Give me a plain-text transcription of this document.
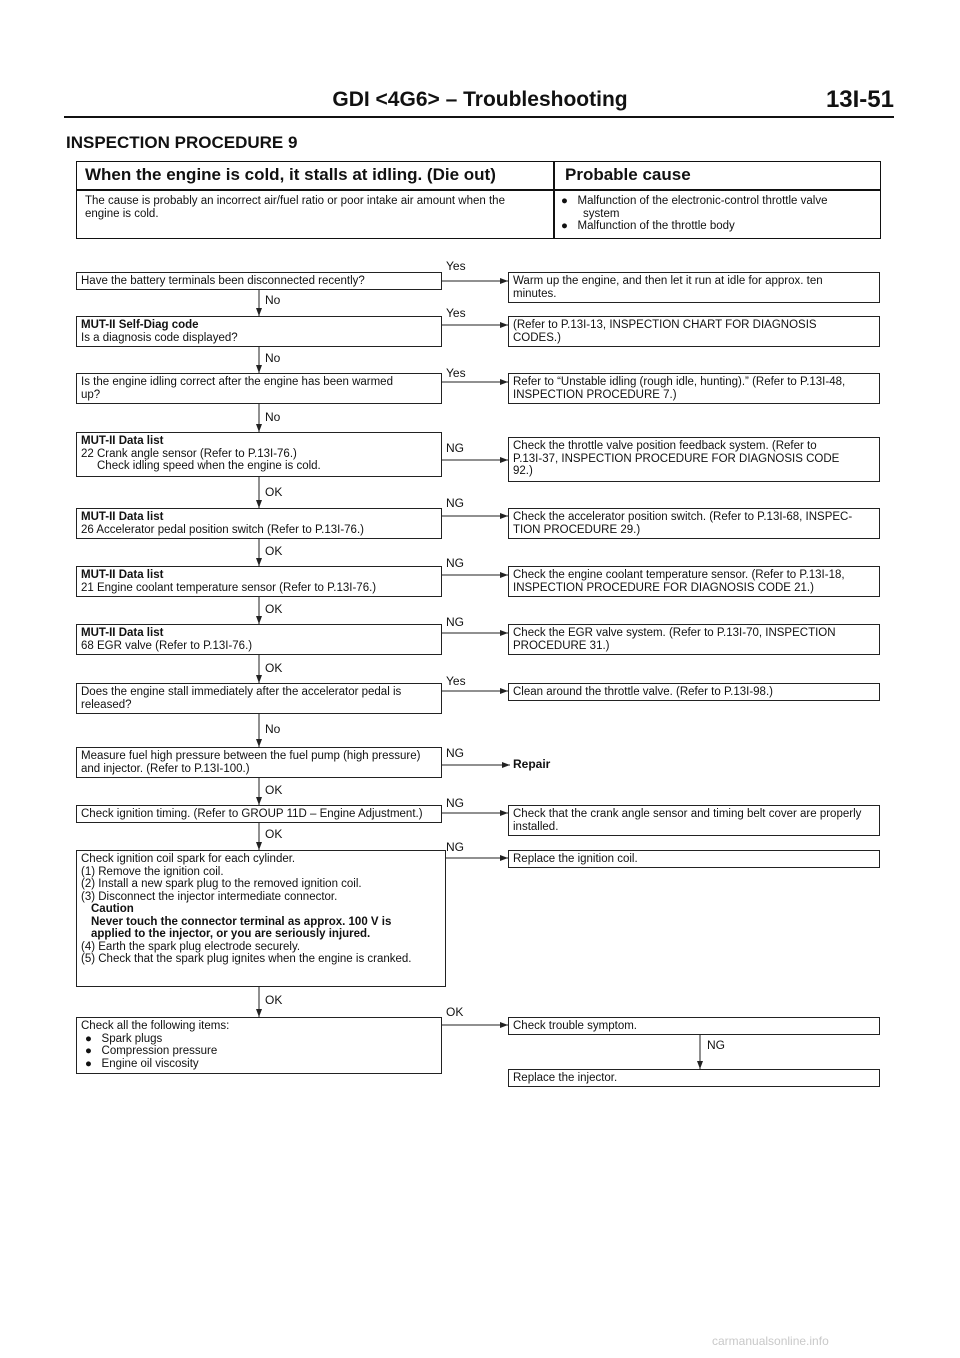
GDI <4G6> – Troubleshooting	13I-51
INSPECTION PROCEDURE 9
When the engine is cold, it stalls at idling. (Die out)	Probable cause
The cause is probably an incorrect air/fuel ratio or poor intake air amount when the
engine is cold.
●   Malfunction of the electronic-control throttle valve
system
●   Malfunction of the throttle body
Have the battery terminals been disconnected recently?
MUT-II Self-Diag code
Is a diagnosis code displayed?
Is the engine idling correct after the engine has been warmed
up?
MUT-II Data list
22 Crank angle sensor (Refer to P.13I-76.)
Check idling speed when the engine is cold.
MUT-II Data list
26 Accelerator pedal position switch (Refer to P.13I-76.)
MUT-II Data list
21 Engine coolant temperature sensor (Refer to P.13I-76.)
MUT-II Data list
68 EGR valve (Refer to P.13I-76.)
Does the engine stall immediately after the accelerator pedal is
released?
Measure fuel high pressure between the fuel pump (high pressure)
and injector. (Refer to P.13I-100.)
Check ignition timing. (Refer to GROUP 11D – Engine Adjustment.)
Check ignition coil spark for each cylinder.
(1) Remove the ignition coil.
(2) Install a new spark plug to the removed ignition coil.
(3) Disconnect the injector intermediate connector.
Caution
Never touch the connector terminal as approx. 100 V is
applied to the injector, or you are seriously injured.
(4) Earth the spark plug electrode securely.
(5) Check that the spark plug ignites when the engine is cranked.
Check all the following items:
●   Spark plugs
●   Compression pressure
●   Engine oil viscosity
Warm up the engine, and then let it run at idle for approx. ten
minutes.
(Refer to P.13I-13, INSPECTION CHART FOR DIAGNOSIS
CODES.)
Refer to “Unstable idling (rough idle, hunting).” (Refer to P.13I-48,
INSPECTION PROCEDURE 7.)
Check the throttle valve position feedback system. (Refer to
P.13I-37, INSPECTION PROCEDURE FOR DIAGNOSIS CODE
92.)
Check the accelerator position switch. (Refer to P.13I-68, INSPEC-
TION PROCEDURE 29.)
Check the engine coolant temperature sensor. (Refer to P.13I-18,
INSPECTION PROCEDURE FOR DIAGNOSIS CODE 21.)
Check the EGR valve system. (Refer to P.13I-70, INSPECTION
PROCEDURE 31.)
Clean around the throttle valve. (Refer to P.13I-98.)
Repair
Check that the crank angle sensor and timing belt cover are properly
installed.
Replace the ignition coil.
Check trouble symptom.
Replace the injector.
Yes
Yes
Yes
NG
NG
NG
NG
Yes
NG
NG
NG
OK
No
No
No
OK
OK
OK
OK
No
OK
OK
OK
NG
carmanualsonline.info
